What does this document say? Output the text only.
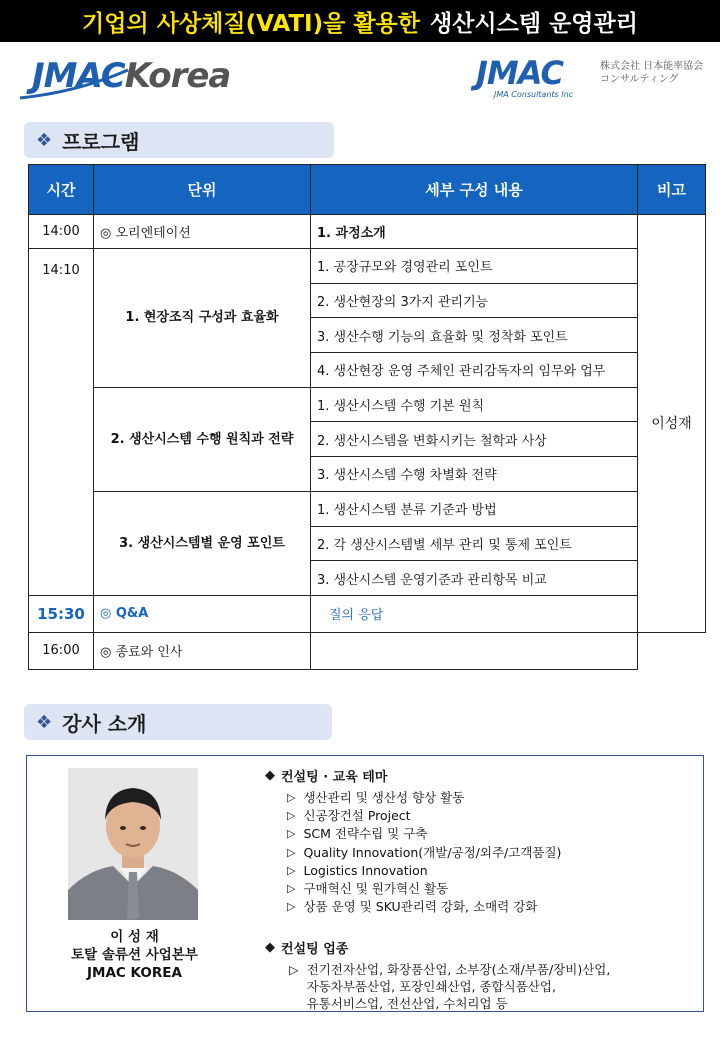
기업의 사상체질(VATI)을 활용한 생산시스템 운영관리
JMACKorea	JMAC
JMA Consultants Inc
株式会社 日本能率協会
コンサルティング
❖ 프로그램
시간	단위	세부 구성 내용	비고
14:00	◎ 오리엔테이션	1. 과정소개	이성재
14:10	1. 현장조직 구성과 효율화	1. 공장규모와 경영관리 포인트	
		2. 생산현장의 3가지 관리기능	
		3. 생산수행 기능의 효율화 및 정착화 포인트	
		4. 생산현장 운영 주체인 관리감독자의 임무와 업무	
	2. 생산시스템 수행 원칙과 전략	1. 생산시스템 수행 기본 원칙	
		2. 생산시스템을 변화시키는 철학과 사상	
		3. 생산시스템 수행 차별화 전략	
	3. 생산시스템별 운영 포인트	1. 생산시스템 분류 기준과 방법	
		2. 각 생산시스템별 세부 관리 및 통제 포인트	
		3. 생산시스템 운영기준과 관리항목 비교	
15:30	◎ Q&A	질의 응답	
16:00	◎ 종료와 인사		
❖ 강사 소개
이 성 재
토탈 솔류션 사업본부
JMAC KOREA
◆ 컨설팅 · 교육 테마
▷ 생산관리 및 생산성 향상 활동
▷ 신공장건설 Project
▷ SCM 전략수립 및 구축
▷ Quality Innovation(개발/공정/외주/고객품질)
▷ Logistics Innovation
▷ 구매혁신 및 원가혁신 활동
▷ 상품 운영 및 SKU관리력 강화, 소매력 강화
◆ 컨설팅 업종
▷ 전기전자산업, 화장품산업, 소부장(소재/부품/장비)산업,
자동차부품산업, 포장인쇄산업, 종합식품산업,
유통서비스업, 전선산업, 수처리업 등
